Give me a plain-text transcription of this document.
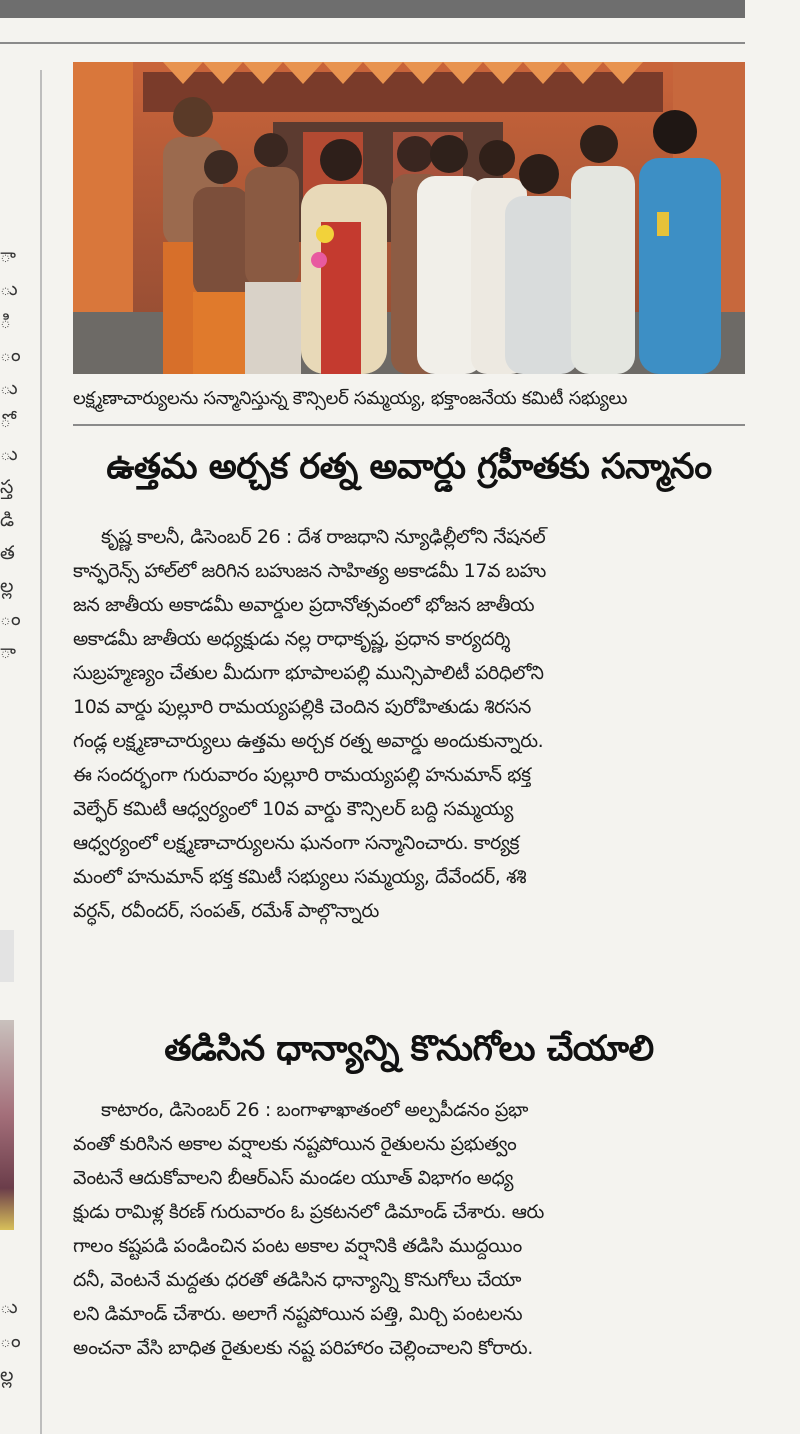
ా
ు
ి
ం
ు
ో
ు
స్త
డి
త
ల్ల
ం
ా
ు
ం
ల్ల
లక్ష్మణాచార్యులను సన్మానిస్తున్న కౌన్సిలర్ సమ్మయ్య, భక్తాంజనేయ కమిటీ సభ్యులు
ఉత్తమ అర్చక రత్న అవార్డు గ్రహీతకు సన్మానం
కృష్ణ కాలనీ, డిసెంబర్ 26 : దేశ రాజధాని న్యూఢిల్లీలోని నేషనల్
కాన్ఫరెన్స్ హాల్‌లో జరిగిన బహుజన సాహిత్య అకాడమీ 17వ బహు
జన జాతీయ అకాడమీ అవార్డుల ప్రదానోత్సవంలో భోజన జాతీయ
అకాడమీ జాతీయ అధ్యక్షుడు నల్ల రాధాకృష్ణ, ప్రధాన కార్యదర్శి
సుబ్రహ్మణ్యం చేతుల మీదుగా భూపాలపల్లి మున్సిపాలిటీ పరిధిలోని
10వ వార్డు పుల్లూరి రామయ్యపల్లికి చెందిన పురోహితుడు శిరసన
గండ్ల లక్ష్మణాచార్యులు ఉత్తమ అర్చక రత్న అవార్డు అందుకున్నారు.
ఈ సందర్భంగా గురువారం పుల్లూరి రామయ్యపల్లి హనుమాన్ భక్త
వెల్ఫేర్ కమిటీ ఆధ్వర్యంలో 10వ వార్డు కౌన్సిలర్ బద్ది సమ్మయ్య
ఆధ్వర్యంలో లక్ష్మణాచార్యులను ఘనంగా సన్మానించారు. కార్యక్ర
మంలో హనుమాన్ భక్త కమిటీ సభ్యులు సమ్మయ్య, దేవేందర్, శశి
వర్ధన్, రవీందర్, సంపత్, రమేశ్ పాల్గొన్నారు
తడిసిన ధాన్యాన్ని కొనుగోలు చేయాలి
కాటారం, డిసెంబర్ 26 : బంగాళాఖాతంలో అల్పపీడనం ప్రభా
వంతో కురిసిన అకాల వర్షాలకు నష్టపోయిన రైతులను ప్రభుత్వం
వెంటనే ఆదుకోవాలని బీఆర్ఎస్ మండల యూత్ విభాగం అధ్య
క్షుడు రామిళ్ల కిరణ్ గురువారం ఓ ప్రకటనలో డిమాండ్ చేశారు. ఆరు
గాలం కష్టపడి పండించిన పంట అకాల వర్షానికి తడిసి ముద్దయిం
దనీ, వెంటనే మద్దతు ధరతో తడిసిన ధాన్యాన్ని కొనుగోలు చేయా
లని డిమాండ్ చేశారు. అలాగే నష్టపోయిన పత్తి, మిర్చి పంటలను
అంచనా వేసి బాధిత రైతులకు నష్ట పరిహారం చెల్లించాలని కోరారు.
